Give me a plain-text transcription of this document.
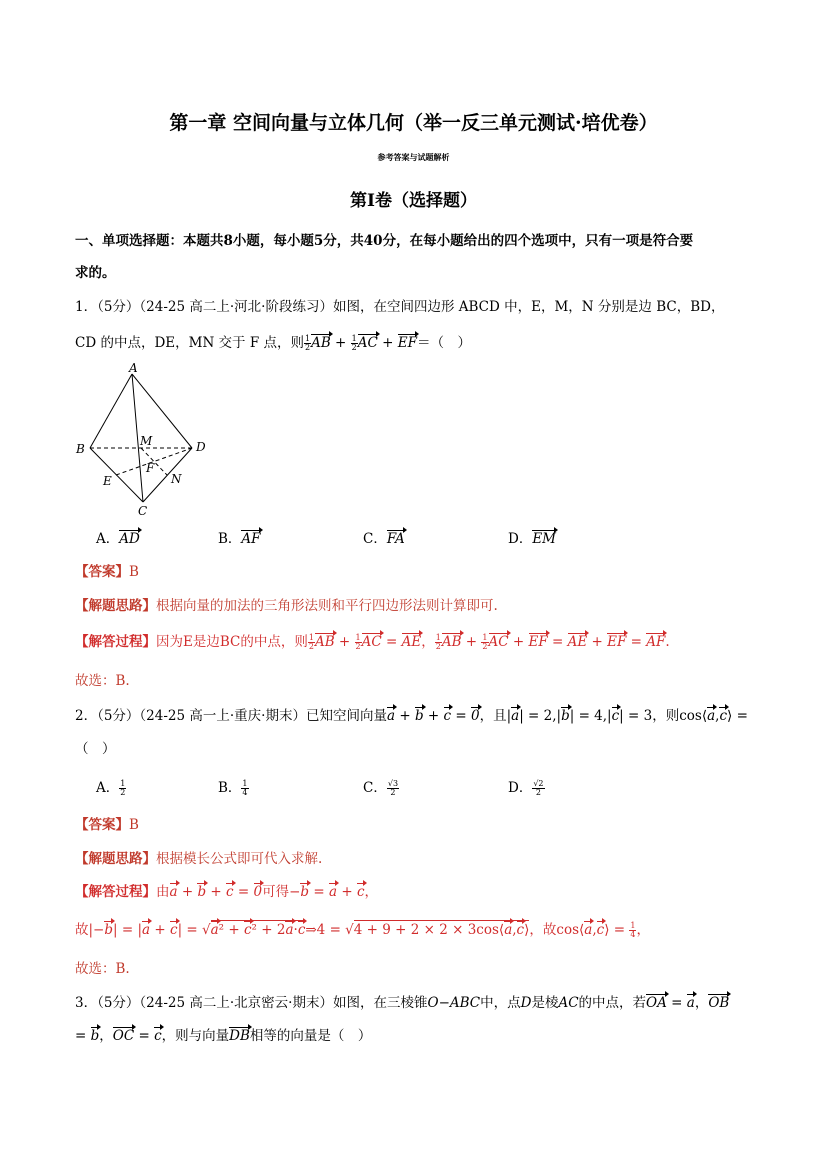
第一章 空间向量与立体几何（举一反三单元测试·培优卷）
参考答案与试题解析
第I卷（选择题）
一、单项选择题：本题共8小题，每小题5分，共40分，在每小题给出的四个选项中，只有一项是符合要
求的。
1．（5分）（24-25 高二上·河北·阶段练习）如图，在空间四边形 ABCD 中，E，M，N 分别是边 BC，BD，
CD 的中点，DE，MN 交于 F 点，则 $\frac{1}{2}$ AB + $\frac{1}{2}$ AC + EF＝（　）
A
B
C
D
E
M
N
F
A．AD	B．AF	C．FA	D．EM
【答案】B
【解题思路】根据向量的加法的三角形法则和平行四边形法则计算即可.
【解答过程】因为E是边BC的中点，则 $\frac{1}{2}$ AB + $\frac{1}{2}$ AC = AE， $\frac{1}{2}$ AB + $\frac{1}{2}$ AC + EF = AE + EF = AF.
故选：B.
2．（5分）（24-25 高一上·重庆·期末）已知空间向量a + b + c = 0，且|a| = 2,|b| = 4,|c| = 3，则cos⟨a,c⟩ =
（　）
A． $\frac{1}{2}$	B． $\frac{1}{4}$	C． $\frac{√3}{2}$	D． $\frac{√2}{2}$
【答案】B
【解题思路】根据模长公式即可代入求解.
【解答过程】由a + b + c = 0可得−b = a + c，
故|−b| = |a + c| = √a² + c² + 2a·c⇒4 = √4 + 9 + 2 × 2 × 3cos⟨a,c⟩，故cos⟨a,c⟩ = $\frac{1}{4}$ ，
故选：B.
3．（5分）（24-25 高二上·北京密云·期末）如图，在三棱锥O−ABC中，点D是棱AC的中点，若OA = a，OB
= b，OC = c，则与向量DB相等的向量是（　）
